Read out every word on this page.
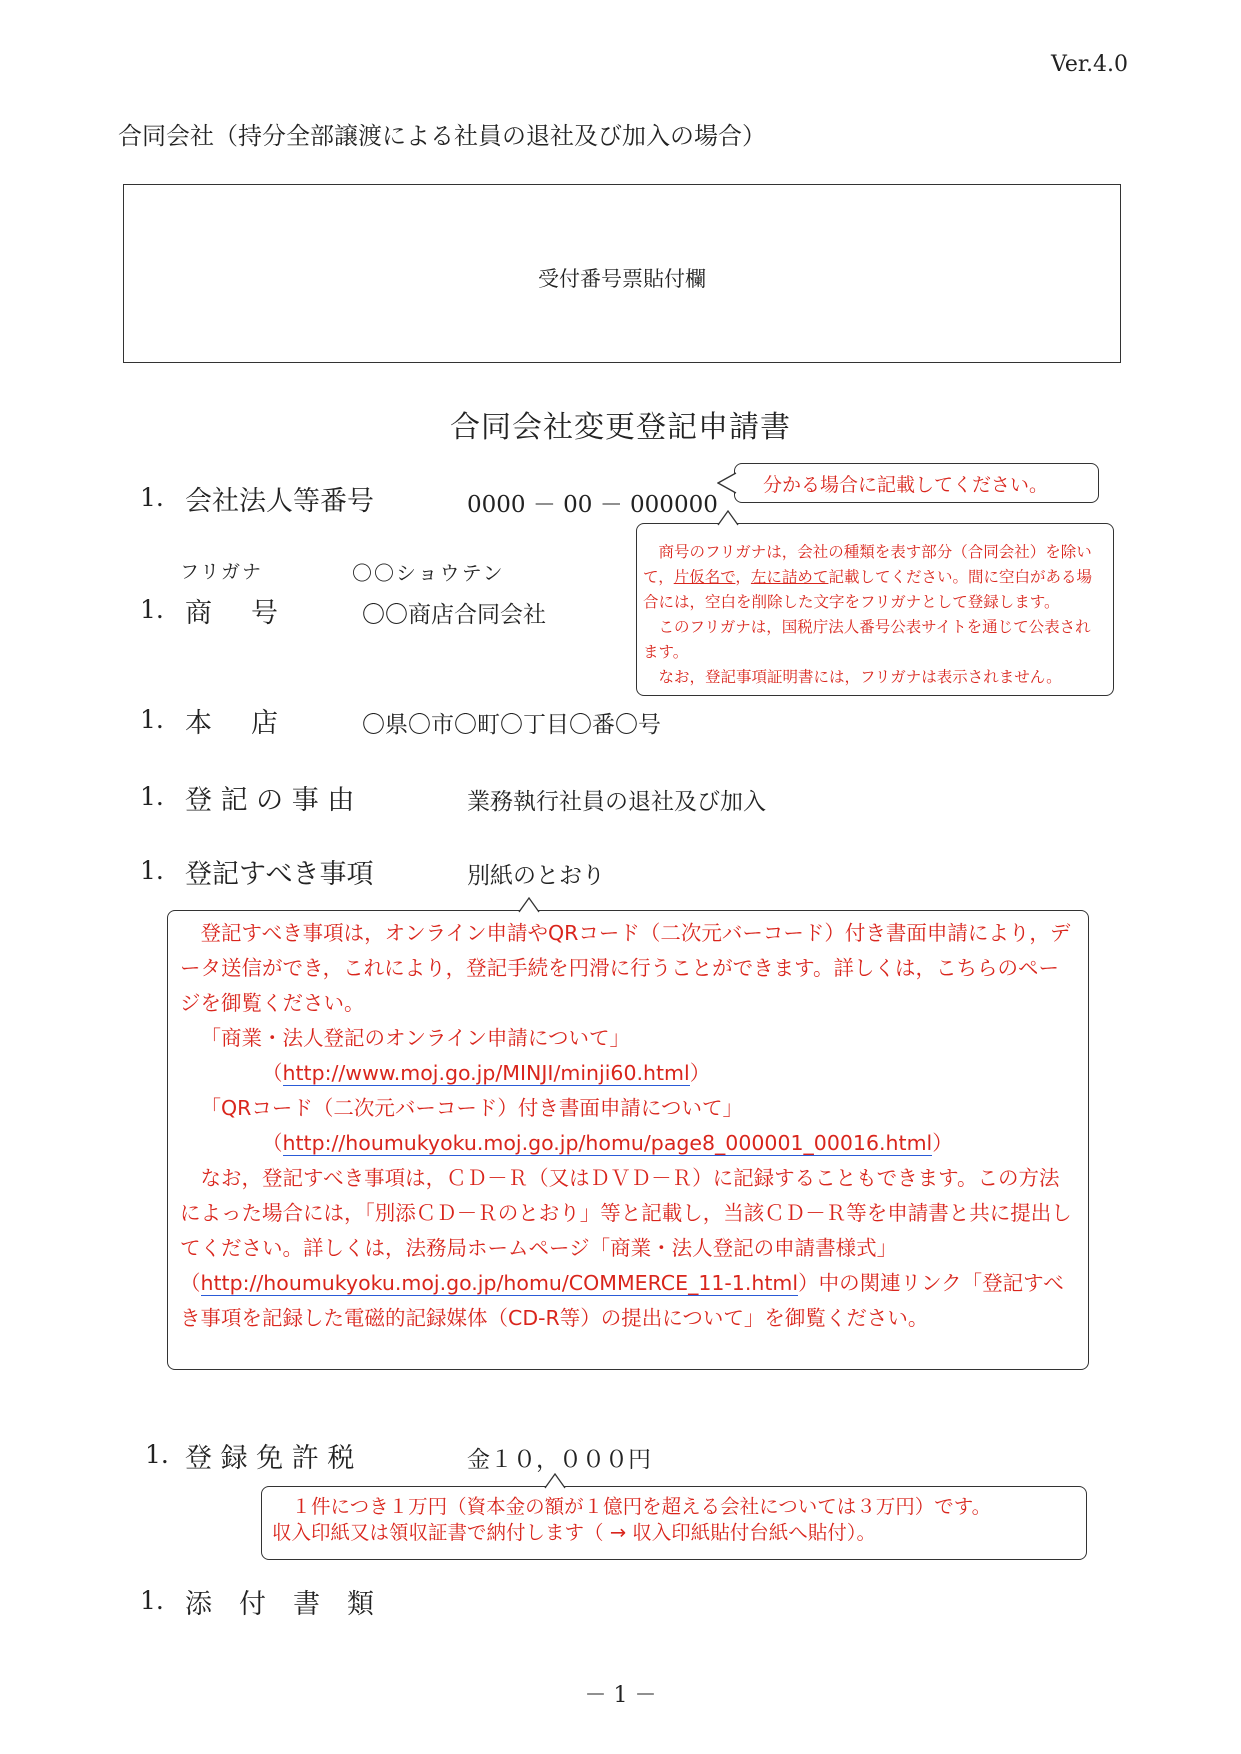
Ver.4.0
合同会社（持分全部譲渡による社員の退社及び加入の場合）
受付番号票貼付欄
合同会社変更登記申請書
1. 会社法人等番号	0000 － 00 － 000000
分かる場合に記載してください。
フリガナ	〇〇ショウテン
1. 商　号	〇〇商店合同会社
商号のフリガナは，会社の種類を表す部分（合同会社）を除い
て，片仮名で，左に詰めて記載してください。間に空白がある場
合には，空白を削除した文字をフリガナとして登録します。
このフリガナは，国税庁法人番号公表サイトを通じて公表され
ます。
なお，登記事項証明書には，フリガナは表示されません。
1. 本　店	〇県〇市〇町〇丁目〇番〇号
1. 登 記 の 事 由	業務執行社員の退社及び加入
1. 登記すべき事項	別紙のとおり
登記すべき事項は，オンライン申請やQRコード（二次元バーコード）付き書面申請により，データ送信ができ，これにより，登記手続を円滑に行うことができます。詳しくは，こちらのページを御覧ください。
「商業・法人登記のオンライン申請について」
（http://www.moj.go.jp/MINJI/minji60.html）
「QRコード（二次元バーコード）付き書面申請について」
（http://houmukyoku.moj.go.jp/homu/page8_000001_00016.html）
なお，登記すべき事項は，ＣＤ－Ｒ（又はＤＶＤ－Ｒ）に記録することもできます。この方法によった場合には，「別添ＣＤ－Ｒのとおり」等と記載し，当該ＣＤ－Ｒ等を申請書と共に提出してください。詳しくは，法務局ホームページ「商業・法人登記の申請書様式」（http://houmukyoku.moj.go.jp/homu/COMMERCE_11-1.html）中の関連リンク「登記すべき事項を記録した電磁的記録媒体（CD-R等）の提出について」を御覧ください。
1. 登 録 免 許 税	金１０，０００円
１件につき１万円（資本金の額が１億円を超える会社については３万円）です。
収入印紙又は領収証書で納付します（ → 収入印紙貼付台紙へ貼付）。
1. 添　付　書　類
－ 1 －
